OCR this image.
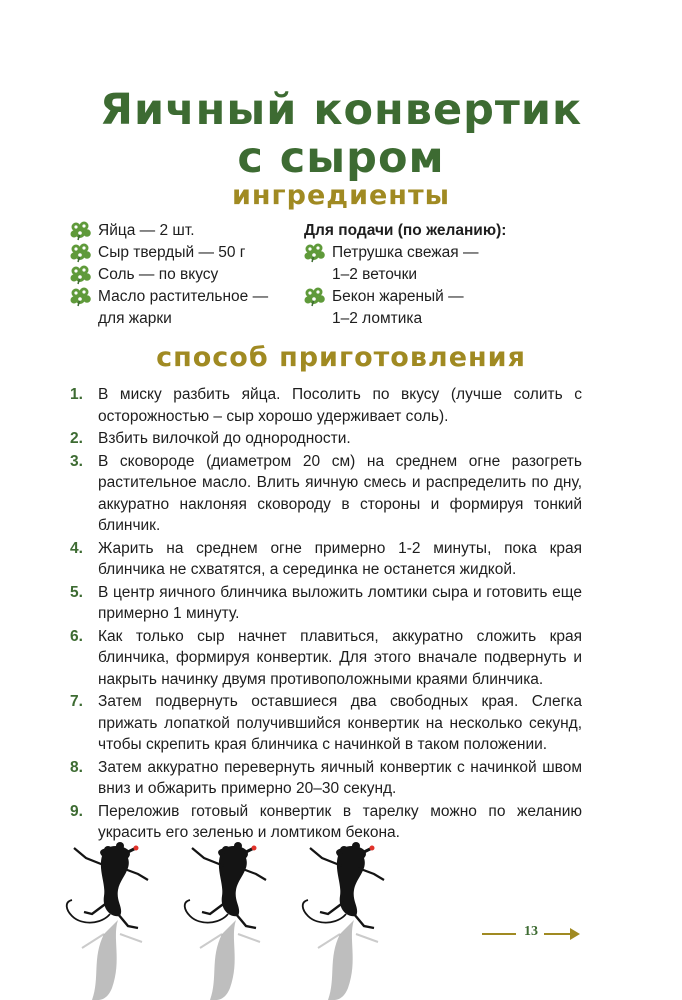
Яичный конвертик
с сыром
ингредиенты
Яйца — 2 шт.
Сыр твердый — 50 г
Соль — по вкусу
Масло растительное —
для жарки

Для подачи (по желанию):

Петрушка свежая —
1–2 веточки
Бекон жареный —
1–2 ломтика
способ приготовления
1. В миску разбить яйца. Посолить по вкусу (лучше солить с осторожностью – сыр хорошо удерживает соль).
2. Взбить вилочкой до однородности.
3. В сковороде (диаметром 20 см) на среднем огне разогреть растительное масло. Влить яичную смесь и распределить по дну, аккуратно наклоняя сковороду в стороны и формируя тонкий блинчик.
4. Жарить на среднем огне примерно 1-2 минуты, пока края блинчика не схватятся, а серединка не останется жидкой.
5. В центр яичного блинчика выложить ломтики сыра и готовить еще примерно 1 минуту.
6. Как только сыр начнет плавиться, аккуратно сложить края блинчика, формируя конвертик. Для этого вначале подвернуть и накрыть начинку двумя противоположными краями блинчика.
7. Затем подвернуть оставшиеся два свободных края. Слегка прижать лопаткой получившийся конвертик на несколько секунд, чтобы скрепить края блинчика с начинкой в таком положении.
8. Затем аккуратно перевернуть яичный конвертик с начинкой швом вниз и обжарить примерно 20–30 секунд.
9. Переложив готовый конвертик в тарелку можно по желанию украсить его зеленью и ломтиком бекона.
13
